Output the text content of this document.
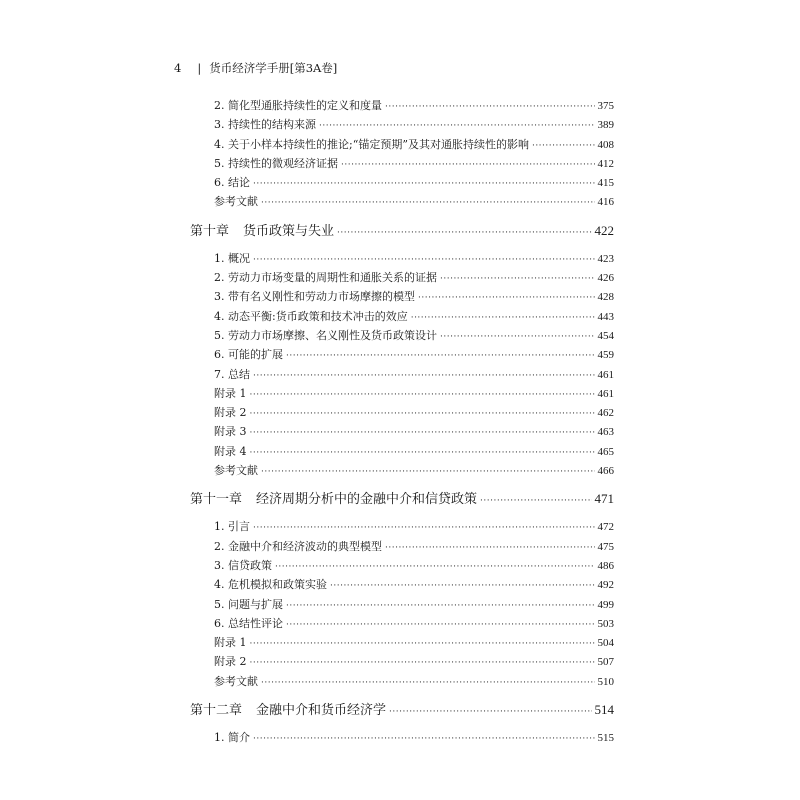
4 | 货币经济学手册[第3A卷]
2. 简化型通胀持续性的定义和度量 ·····	375
3. 持续性的结构来源 ·····	389
4. 关于小样本持续性的推论;“锚定预期”及其对通胀持续性的影响 ·····	408
5. 持续性的微观经济证据 ·····	412
6. 结论 ·····	415
参考文献 ·····	416
第十章 货币政策与失业 ·····	422
1. 概况 ·····	423
2. 劳动力市场变量的周期性和通胀关系的证据 ·····	426
3. 带有名义刚性和劳动力市场摩擦的模型 ·····	428
4. 动态平衡:货币政策和技术冲击的效应 ·····	443
5. 劳动力市场摩擦、名义刚性及货币政策设计 ·····	454
6. 可能的扩展 ·····	459
7. 总结 ·····	461
附录 1 ·····	461
附录 2 ·····	462
附录 3 ·····	463
附录 4 ·····	465
参考文献 ·····	466
第十一章 经济周期分析中的金融中介和信贷政策 ·····	471
1. 引言 ·····	472
2. 金融中介和经济波动的典型模型 ·····	475
3. 信贷政策 ·····	486
4. 危机模拟和政策实验 ·····	492
5. 问题与扩展 ·····	499
6. 总结性评论 ·····	503
附录 1 ·····	504
附录 2 ·····	507
参考文献 ·····	510
第十二章 金融中介和货币经济学 ·····	514
1. 简介 ·····	515
